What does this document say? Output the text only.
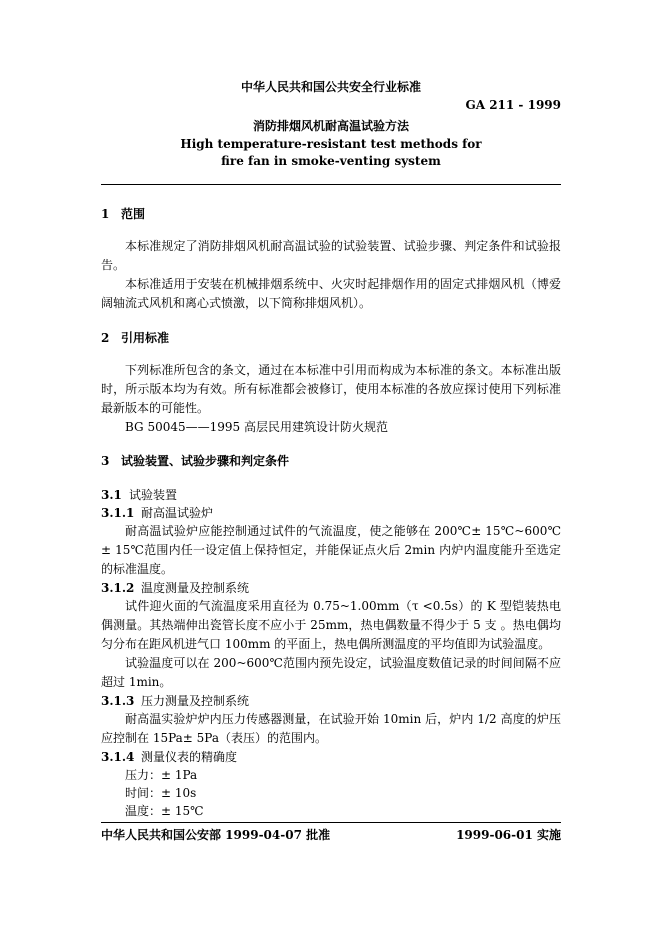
中华人民共和国公共安全行业标准
GA 211 - 1999
消防排烟风机耐高温试验方法
High temperature-resistant test methods for
fire fan in smoke-venting system
1 范围
本标准规定了消防排烟风机耐高温试验的试验装置、试验步骤、判定条件和试验报告。
本标准适用于安装在机械排烟系统中、火灾时起排烟作用的固定式排烟风机（博爱阔轴流式风机和离心式愤激，以下简称排烟风机）。
2 引用标准
下列标准所包含的条文，通过在本标准中引用而构成为本标准的条文。本标准出版时，所示版本均为有效。所有标准都会被修订，使用本标准的各放应探讨使用下列标准最新版本的可能性。
BG 50045——1995 高层民用建筑设计防火规范
3 试验装置、试验步骤和判定条件
3.1 试验装置
3.1.1 耐高温试验炉
耐高温试验炉应能控制通过试件的气流温度，使之能够在 200℃± 15℃~600℃± 15℃范围内任一设定值上保持恒定，并能保证点火后 2min 内炉内温度能升至选定的标准温度。
3.1.2 温度测量及控制系统
试件迎火面的气流温度采用直径为 0.75~1.00mm（τ <0.5s）的 K 型铠装热电偶测量。其热端伸出瓷管长度不应小于 25mm，热电偶数量不得少于 5 支 。热电偶均匀分布在距风机进气口 100mm 的平面上，热电偶所测温度的平均值即为试验温度。
试验温度可以在 200~600℃范围内预先设定，试验温度数值记录的时间间隔不应超过 1min。
3.1.3 压力测量及控制系统
耐高温实验炉炉内压力传感器测量，在试验开始 10min 后，炉内 1/2 高度的炉压应控制在 15Pa± 5Pa（表压）的范围内。
3.1.4 测量仪表的精确度
压力：± 1Pa
时间：± 10s
温度：± 15℃
中华人民共和国公安部 1999-04-07 批准	1999-06-01 实施
